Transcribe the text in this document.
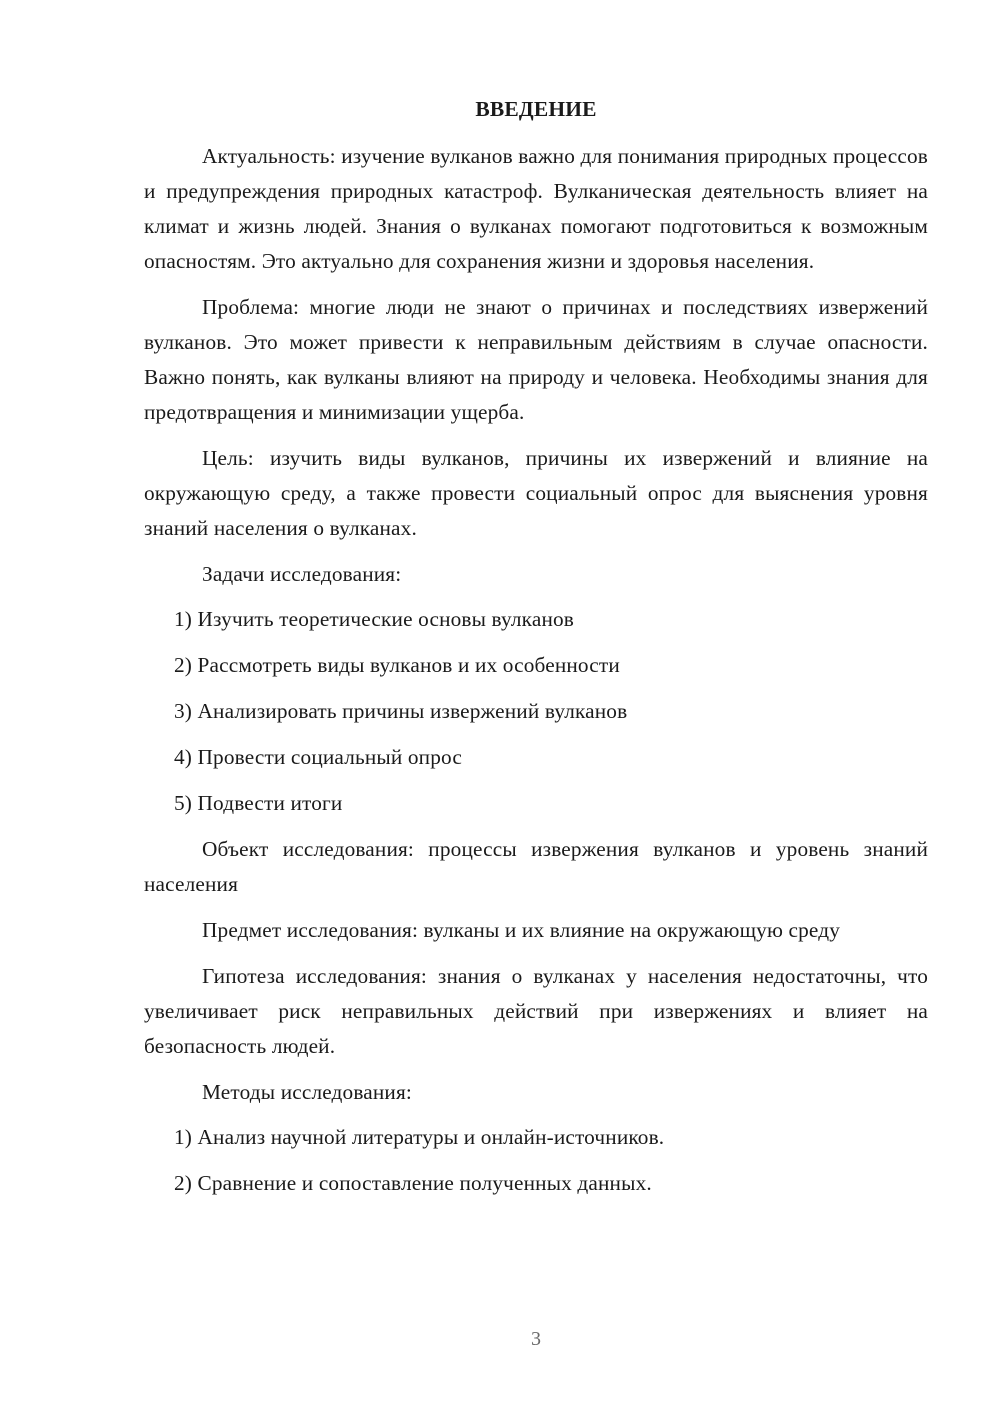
ВВЕДЕНИЕ

Актуальность: изучение вулканов важно для понимания природных процессов и предупреждения природных катастроф. Вулканическая деятельность влияет на климат и жизнь людей. Знания о вулканах помогают подготовиться к возможным опасностям. Это актуально для сохранения жизни и здоровья населения.

Проблема: многие люди не знают о причинах и последствиях извержений вулканов. Это может привести к неправильным действиям в случае опасности. Важно понять, как вулканы влияют на природу и человека. Необходимы знания для предотвращения и минимизации ущерба.

Цель: изучить виды вулканов, причины их извержений и влияние на окружающую среду, а также провести социальный опрос для выяснения уровня знаний населения о вулканах.

Задачи исследования:

1) Изучить теоретические основы вулканов
2) Рассмотреть виды вулканов и их особенности
3) Анализировать причины извержений вулканов
4) Провести социальный опрос
5) Подвести итоги

Объект исследования: процессы извержения вулканов и уровень знаний населения

Предмет исследования: вулканы и их влияние на окружающую среду

Гипотеза исследования: знания о вулканах у населения недостаточны, что увеличивает риск неправильных действий при извержениях и влияет на безопасность людей.

Методы исследования:

1) Анализ научной литературы и онлайн-источников.
2) Сравнение и сопоставление полученных данных.
3
